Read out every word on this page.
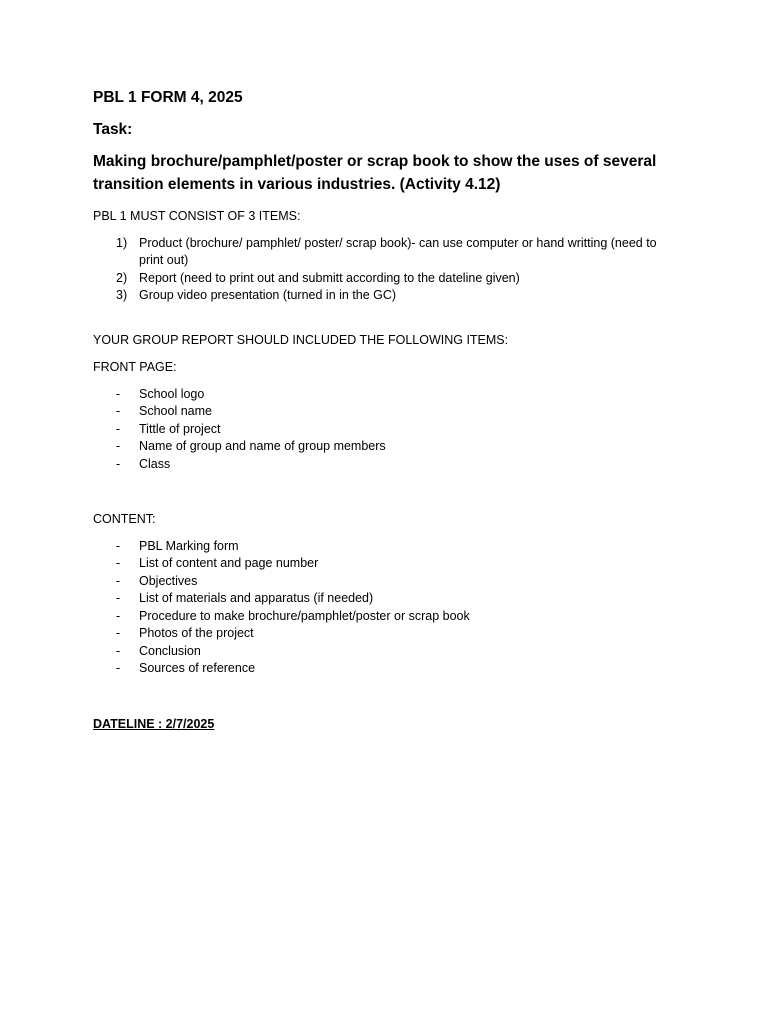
PBL 1 FORM 4, 2025

Task:

Making brochure/pamphlet/poster or scrap book to show the uses of several transition elements in various industries. (Activity 4.12)

PBL 1 MUST CONSIST OF 3 ITEMS:

1) Product (brochure/ pamphlet/ poster/ scrap book)- can use computer or hand writting (need to print out)
2) Report (need to print out and submitt according to the dateline given)
3) Group video presentation (turned in in the GC)

YOUR GROUP REPORT SHOULD INCLUDED THE FOLLOWING ITEMS:

FRONT PAGE:

- School logo
- School name
- Tittle of project
- Name of group and name of group members
- Class

CONTENT:

- PBL Marking form
- List of content and page number
- Objectives
- List of materials and apparatus (if needed)
- Procedure to make brochure/pamphlet/poster or scrap book
- Photos of the project
- Conclusion
- Sources of reference

DATELINE : 2/7/2025
